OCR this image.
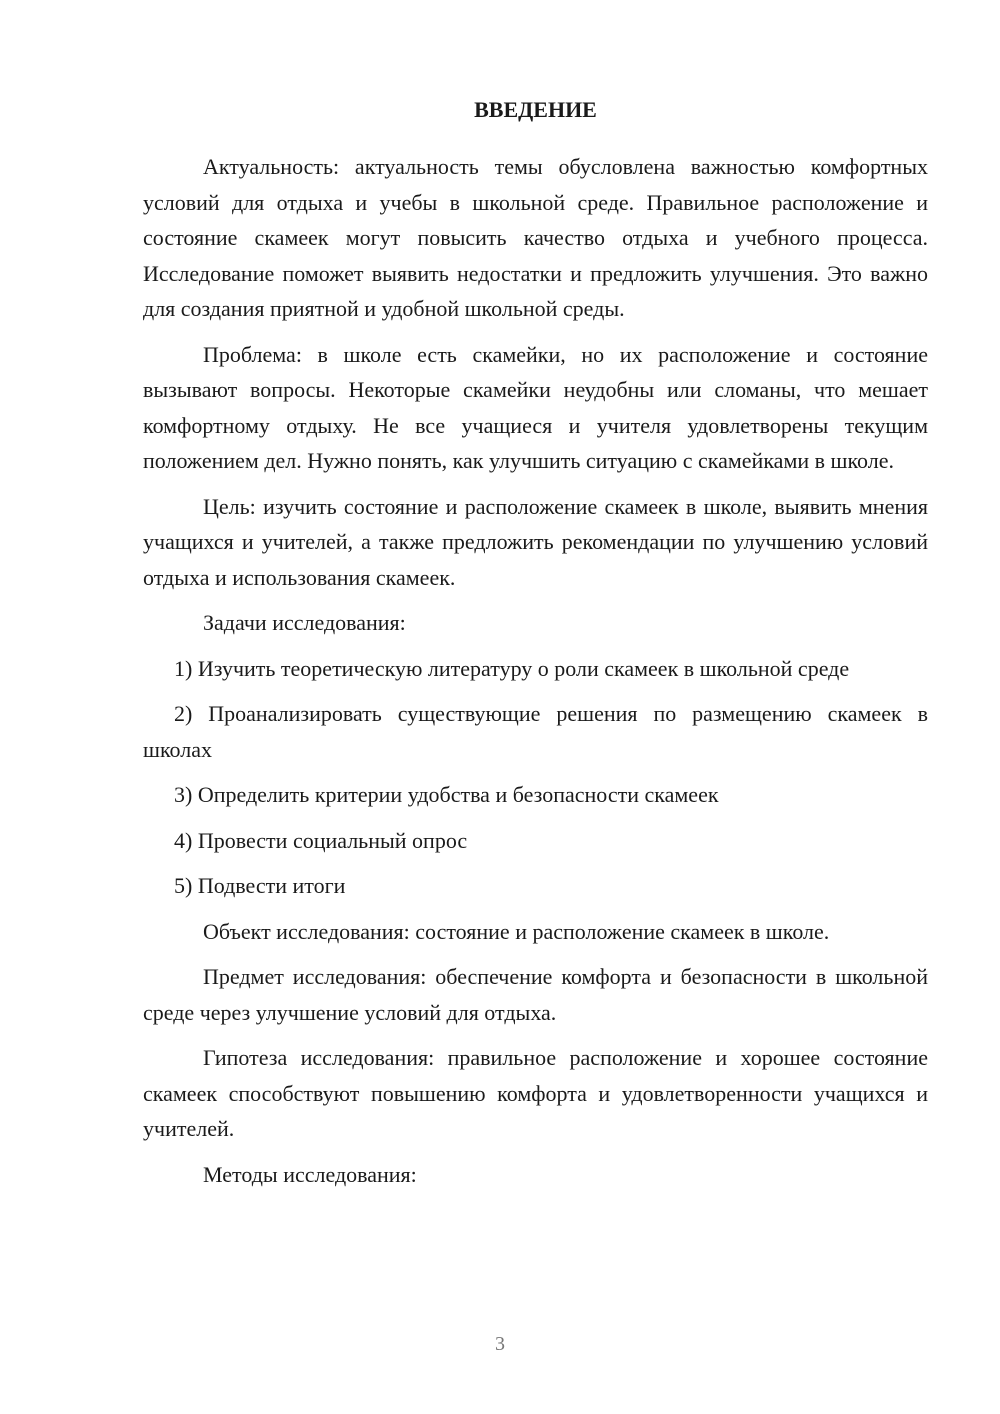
ВВЕДЕНИЕ

Актуальность: актуальность темы обусловлена важностью комфортных условий для отдыха и учебы в школьной среде. Правильное расположение и состояние скамеек могут повысить качество отдыха и учебного процесса. Исследование поможет выявить недостатки и предложить улучшения. Это важно для создания приятной и удобной школьной среды.

Проблема: в школе есть скамейки, но их расположение и состояние вызывают вопросы. Некоторые скамейки неудобны или сломаны, что мешает комфортному отдыху. Не все учащиеся и учителя удовлетворены текущим положением дел. Нужно понять, как улучшить ситуацию с скамейками в школе.

Цель: изучить состояние и расположение скамеек в школе, выявить мнения учащихся и учителей, а также предложить рекомендации по улучшению условий отдыха и использования скамеек.

Задачи исследования:

1) Изучить теоретическую литературу о роли скамеек в школьной среде

2) Проанализировать существующие решения по размещению скамеек в школах

3) Определить критерии удобства и безопасности скамеек

4) Провести социальный опрос

5) Подвести итоги

Объект исследования: состояние и расположение скамеек в школе.

Предмет исследования: обеспечение комфорта и безопасности в школьной среде через улучшение условий для отдыха.

Гипотеза исследования: правильное расположение и хорошее состояние скамеек способствуют повышению комфорта и удовлетворенности учащихся и учителей.

Методы исследования:

3
